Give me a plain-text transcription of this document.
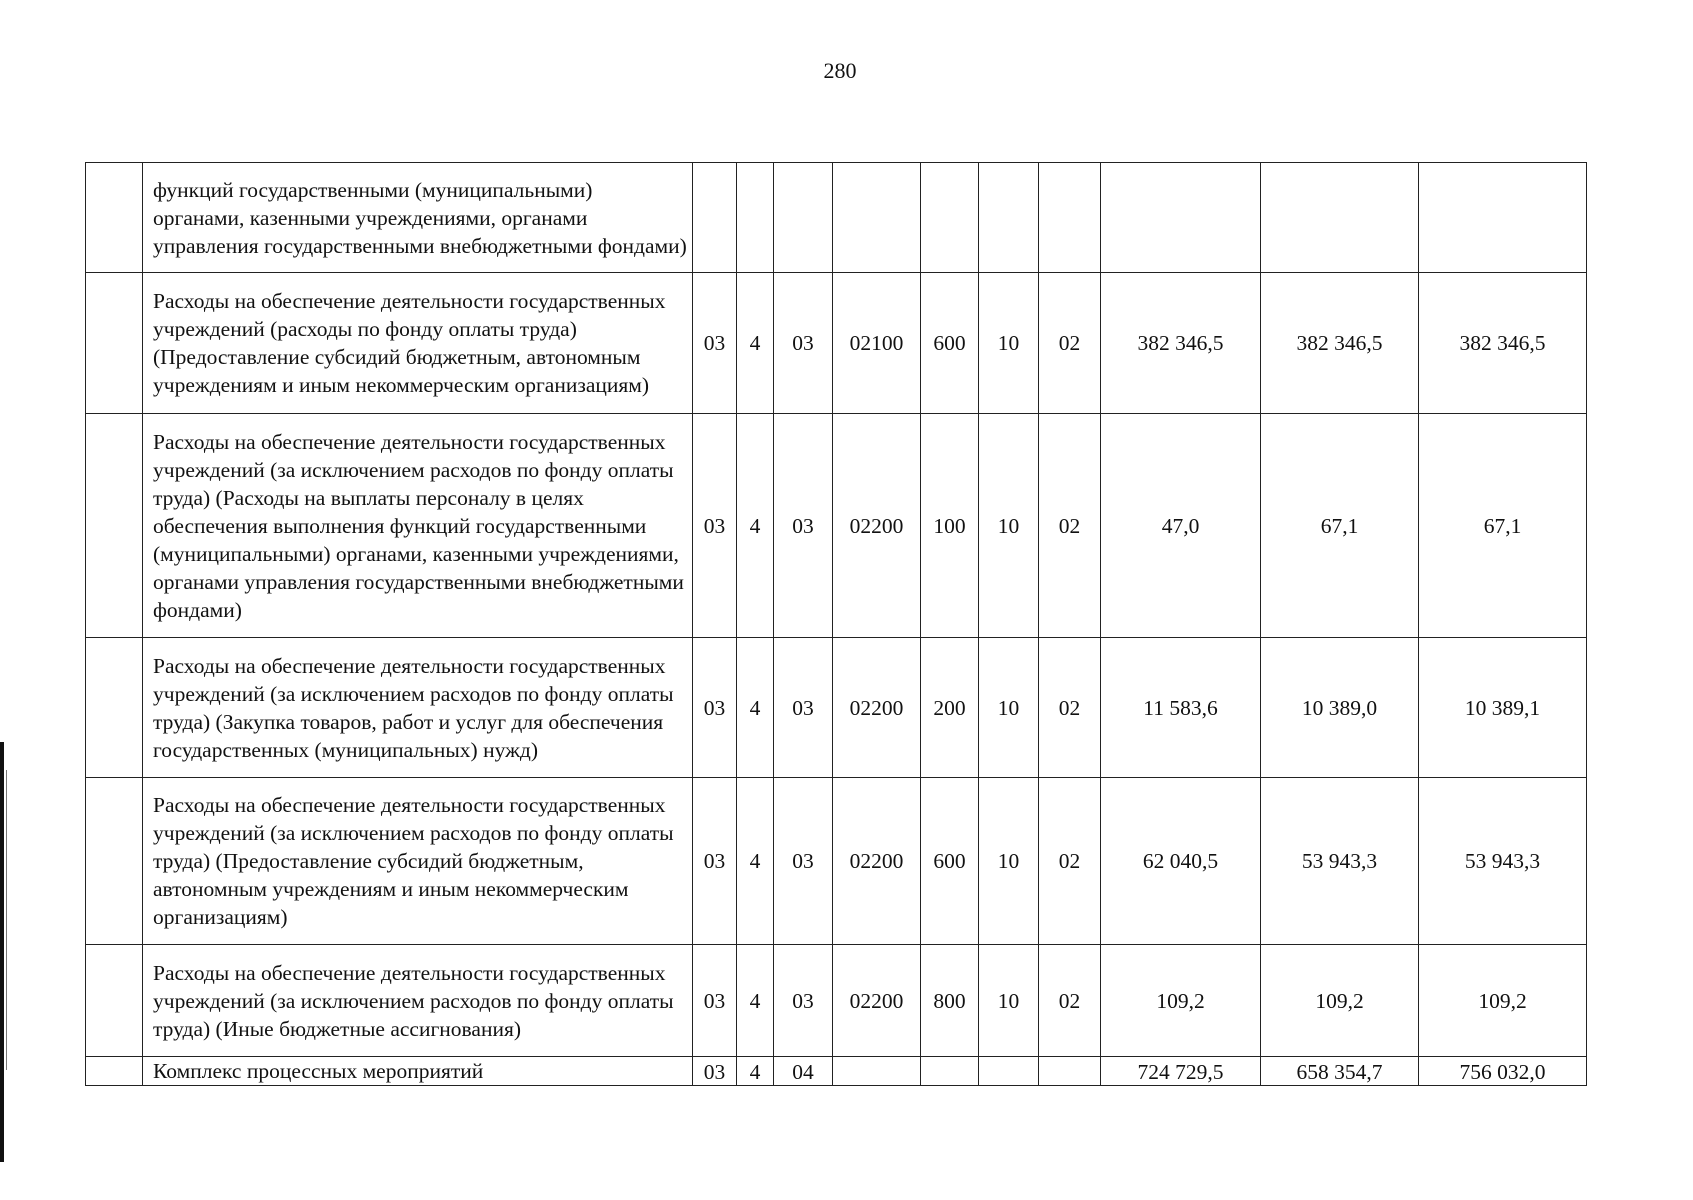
280
	функций государственными (муниципальными) органами, казенными учреждениями, органами управления государственными внебюджетными фондами)										
	Расходы на обеспечение деятельности государственных учреждений (расходы по фонду оплаты труда) (Предоставление субсидий бюджетным, автономным учреждениям и иным некоммерческим организациям)	03	4	03	02100	600	10	02	382 346,5	382 346,5	382 346,5
	Расходы на обеспечение деятельности государственных учреждений (за исключением расходов по фонду оплаты труда) (Расходы на выплаты персоналу в целях обеспечения выполнения функций государственными (муниципальными) органами, казенными учреждениями, органами управления государственными внебюджетными фондами)	03	4	03	02200	100	10	02	47,0	67,1	67,1
	Расходы на обеспечение деятельности государственных учреждений (за исключением расходов по фонду оплаты труда) (Закупка товаров, работ и услуг для обеспечения государственных (муниципальных) нужд)	03	4	03	02200	200	10	02	11 583,6	10 389,0	10 389,1
	Расходы на обеспечение деятельности государственных учреждений (за исключением расходов по фонду оплаты труда) (Предоставление субсидий бюджетным, автономным учреждениям и иным некоммерческим организациям)	03	4	03	02200	600	10	02	62 040,5	53 943,3	53 943,3
	Расходы на обеспечение деятельности государственных учреждений (за исключением расходов по фонду оплаты труда) (Иные бюджетные ассигнования)	03	4	03	02200	800	10	02	109,2	109,2	109,2
	Комплекс процессных мероприятий	03	4	04					724 729,5	658 354,7	756 032,0
